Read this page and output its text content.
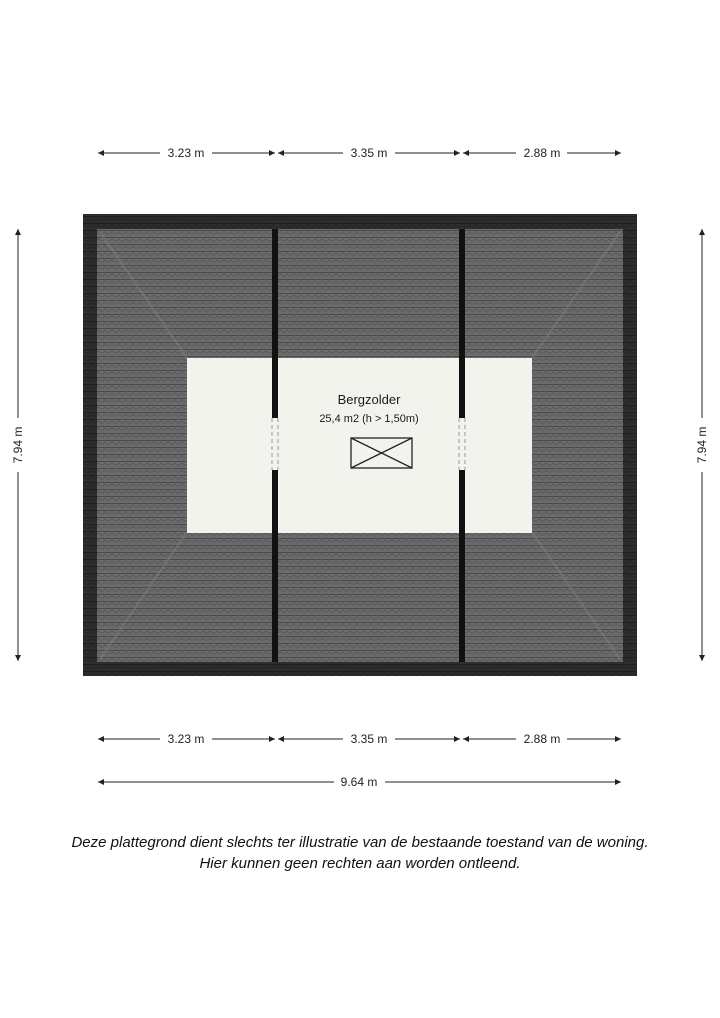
Bergzolder
25,4 m2 (h > 1,50m)
3.23 m	3.35 m	2.88 m
3.23 m	3.35 m	2.88 m
9.64 m
7.94 m	7.94 m
Deze plattegrond dient slechts ter illustratie van de bestaande toestand van de woning.
Hier kunnen geen rechten aan worden ontleend.
